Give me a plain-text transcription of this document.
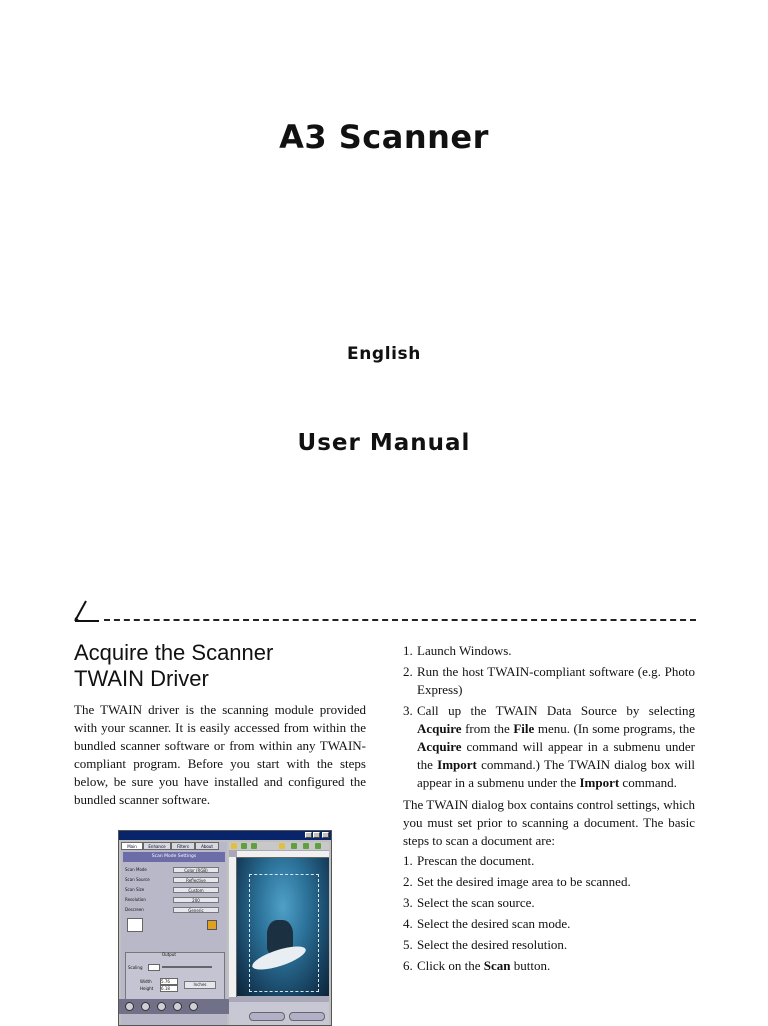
A3 Scanner
English
User Manual
Acquire the Scanner
TWAIN Driver
The TWAIN driver is the scanning module provided with your scanner. It is easily accessed from within the bundled scanner software or from within any TWAIN-compliant program. Before you start with the steps below, be sure you have installed and configured the bundled scanner software.
Main	Enhance	Filters	About
Scan Mode Settings
Scan Mode	Color (RGB)
Scan Source	Reflective
Scan Size	Custom
Resolution	200
Descreen	Generic
Output
Scaling
Width 5.76
Height 6.18
Inches
1. Launch Windows.
2. Run the host TWAIN-compliant software (e.g. Photo Express)
3. Call up the TWAIN Data Source by selecting Acquire from the File menu. (In some programs, the Acquire command will appear in a submenu under the Import command.) The TWAIN dialog box will appear in a submenu under the Import command.

The TWAIN dialog box contains control settings, which you must set prior to scanning a document. The basic steps to scan a document are:

1. Prescan the document.
2. Set the desired image area to be scanned.
3. Select the scan source.
4. Select the desired scan mode.
5. Select the desired resolution.
6. Click on the Scan button.
